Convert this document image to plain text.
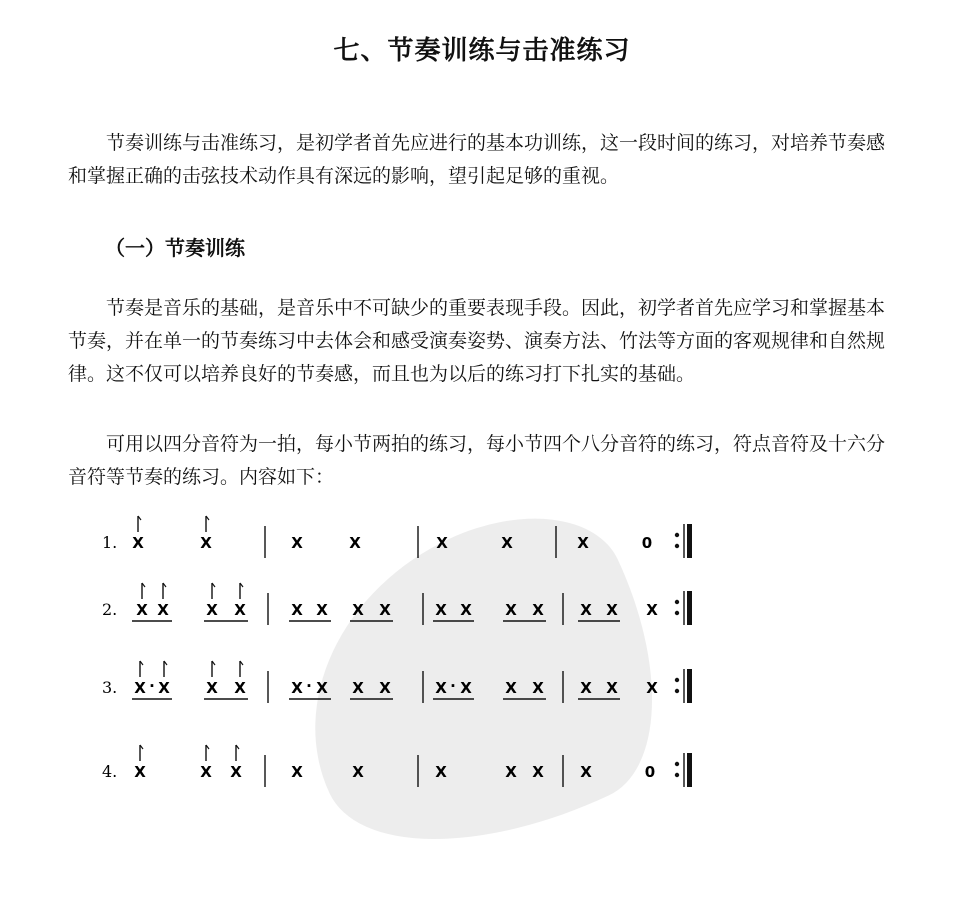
七、节奏训练与击准练习

节奏训练与击准练习，是初学者首先应进行的基本功训练，这一段时间的练习，对培养节奏感和掌握正确的击弦技术动作具有深远的影响，望引起足够的重视。

（一）节奏训练

节奏是音乐的基础，是音乐中不可缺少的重要表现手段。因此，初学者首先应学习和掌握基本节奏，并在单一的节奏练习中去体会和感受演奏姿势、演奏方法、竹法等方面的客观规律和自然规律。这不仅可以培养良好的节奏感，而且也为以后的练习打下扎实的基础。

可用以四分音符为一拍，每小节两拍的练习，每小节四个八分音符的练习，符点音符及十六分音符等节奏的练习。内容如下：

1. X	X	X	X	X	X	X	0
2. X X X X	X X X X	X X X X X X X
3. X · X X X	X · X X X	X · X X X X X X
4. X	X X	X	X	X	X X X	0
